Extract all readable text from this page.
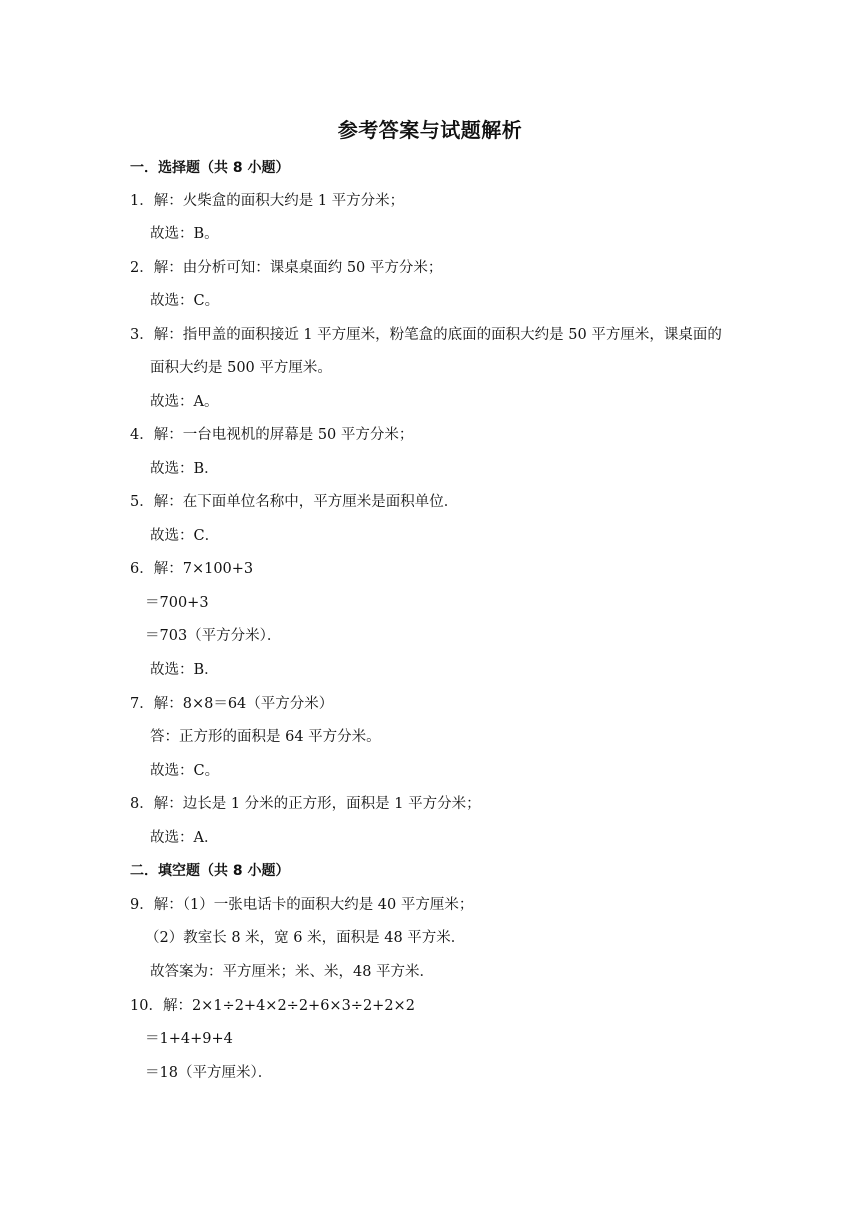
参考答案与试题解析
一．选择题（共 8 小题）
1．解：火柴盒的面积大约是 1 平方分米；
故选：B。
2．解：由分析可知：课桌桌面约 50 平方分米；
故选：C。
3．解：指甲盖的面积接近 1 平方厘米，粉笔盒的底面的面积大约是 50 平方厘米，课桌面的
面积大约是 500 平方厘米。
故选：A。
4．解：一台电视机的屏幕是 50 平方分米；
故选：B．
5．解：在下面单位名称中，平方厘米是面积单位．
故选：C．
6．解：7×100+3
＝700+3
＝703（平方分米）．
故选：B．
7．解：8×8＝64（平方分米）
答：正方形的面积是 64 平方分米。
故选：C。
8．解：边长是 1 分米的正方形，面积是 1 平方分米；
故选：A．
二．填空题（共 8 小题）
9．解：（1）一张电话卡的面积大约是 40 平方厘米；
（2）教室长 8 米，宽 6 米，面积是 48 平方米．
故答案为：平方厘米；米、米，48 平方米．
10．解：2×1÷2+4×2÷2+6×3÷2+2×2
＝1+4+9+4
＝18（平方厘米）．
